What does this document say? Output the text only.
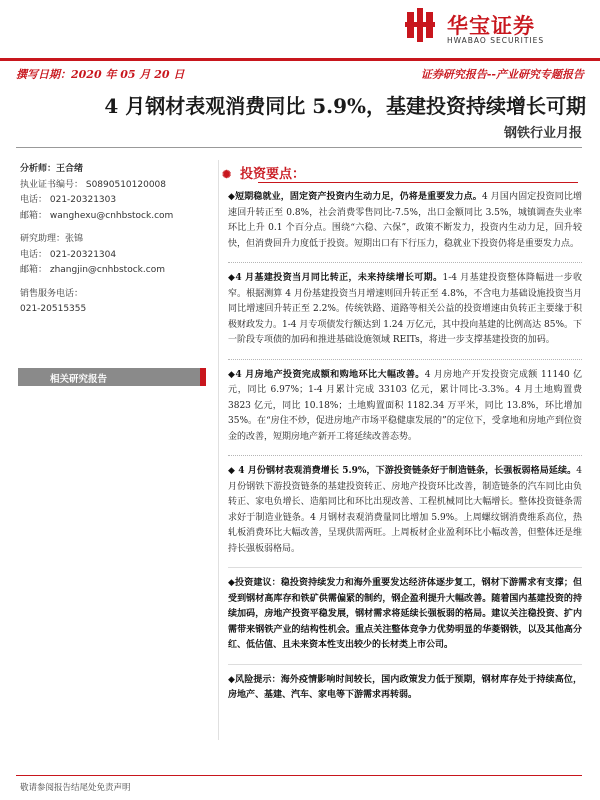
华宝证券
HWABAO SECURITIES
撰写日期：2020 年 05 月 20 日	证券研究报告--产业研究专题报告
4 月钢材表观消费同比 5.9%，基建投资持续增长可期
钢铁行业月报
分析师：王合绪
执业证书编号： S0890510120008
电话： 021-20321303
邮箱： wanghexu@cnhbstock.com
研究助理：张锦
电话： 021-20321304
邮箱： zhangjin@cnhbstock.com
销售服务电话：
021-20515355
相关研究报告
✺ 投资要点：
◆短期稳就业，固定资产投资内生动力足，仍将是重要发力点。4 月国内固定投资同比增速回升转正至 0.8%，社会消费零售同比-7.5%，出口金额同比 3.5%，城镇调查失业率环比上升 0.1 个百分点。围绕“六稳、六保”，政策不断发力，投资内生动力足，回升较快，但消费回升力度低于投资。短期出口有下行压力，稳就业下投资仍将是重要发力点。
◆4 月基建投资当月同比转正，未来持续增长可期。1-4 月基建投资整体降幅进一步收窄。根据测算 4 月份基建投资当月增速则回升转正至 4.8%，不含电力基础设施投资当月同比增速回升转正至 2.2%。传统铁路、道路等相关公益的投资增速由负转正主要缘于积极财政发力。1-4 月专项债发行额达到 1.24 万亿元，其中投向基建的比例高达 85%。下一阶段专项债的加码和推进基础设施领域 REITs，将进一步支撑基建投资的加码。
◆4 月房地产投资完成额和购地环比大幅改善。4 月房地产开发投资完成额 11140 亿元，同比 6.97%；1-4 月累计完成 33103 亿元，累计同比-3.3%。4 月土地购置费 3823 亿元，同比 10.18%；土地购置面积 1182.34 万平米，同比 13.8%，环比增加 35%。在“房住不炒，促进房地产市场平稳健康发展的”的定位下，受拿地和房地产到位资金的改善，短期房地产新开工将延续改善态势。
◆ 4 月份钢材表观消费增长 5.9%，下游投资链条好于制造链条，长强板弱格局延续。4 月份钢铁下游投资链条的基建投资转正、房地产投资环比改善，制造链条的汽车同比由负转正、家电负增长、造船同比和环比出现改善、工程机械同比大幅增长。整体投资链条需求好于制造业链条。4 月钢材表观消费量同比增加 5.9%。上周螺纹钢消费维系高位，热轧板消费环比大幅改善，呈现供需两旺。上周板材企业盈利环比小幅改善，但整体还是维持长强板弱格局。
◆投资建议：稳投资持续发力和海外重要发达经济体逐步复工，钢材下游需求有支撑；但受到钢材高库存和铁矿供需偏紧的制约，钢企盈利提升大幅改善。随着国内基建投资的持续加码，房地产投资平稳发展，钢材需求将延续长强板弱的格局。建议关注稳投资、扩内需带来钢铁产业的结构性机会。重点关注整体竞争力优势明显的华菱钢铁，以及其他高分红、低估值、且未来资本性支出较少的长材类上市公司。
◆风险提示：海外疫情影响时间较长，国内政策发力低于预期，钢材库存处于持续高位，房地产、基建、汽车、家电等下游需求再转弱。
敬请参阅报告结尾处免责声明
